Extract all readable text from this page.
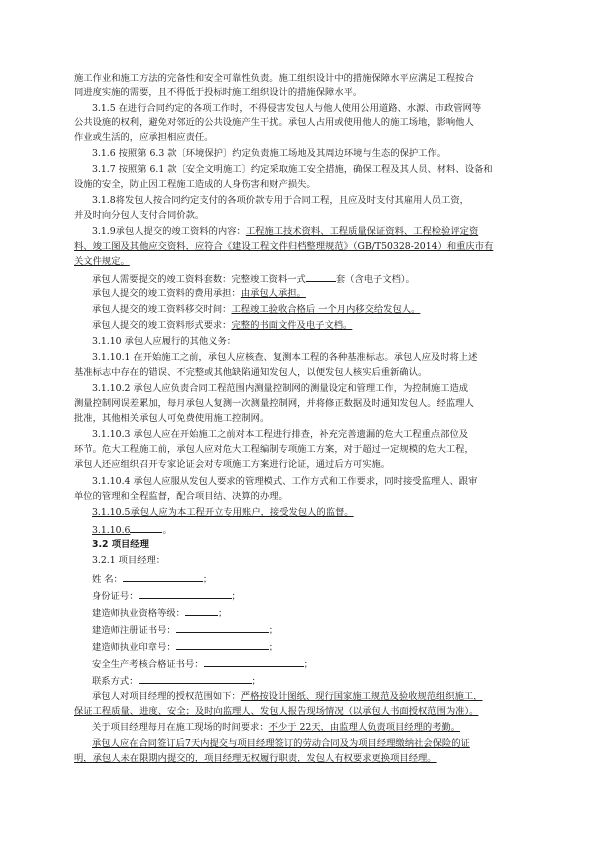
施工作业和施工方法的完备性和安全可靠性负责。施工组织设计中的措施保障水平应满足工程按合
同进度实施的需要，且不得低于投标时施工组织设计的措施保障水平。
3.1.5 在进行合同约定的各项工作时，不得侵害发包人与他人使用公用道路、水源、市政管网等
公共设施的权利，避免对邻近的公共设施产生干扰。承包人占用或使用他人的施工场地，影响他人
作业或生活的，应承担相应责任。
3.1.6 按照第 6.3 款〔环境保护〕约定负责施工场地及其周边环境与生态的保护工作。
3.1.7 按照第 6.1 款〔安全文明施工〕约定采取施工安全措施，确保工程及其人员、材料、设备和
设施的安全，防止因工程施工造成的人身伤害和财产损失。
3.1.8将发包人按合同约定支付的各项价款专用于合同工程，且应及时支付其雇用人员工资，
并及时向分包人支付合同价款。
3.1.9承包人提交的竣工资料的内容：工程施工技术资料、工程质量保证资料、工程检验评定资
料、竣工图及其他应交资料，应符合《建设工程文件归档整理规范》（GB/T50328-2014）和重庆市有
关文件规定。
承包人需要提交的竣工资料套数：完整竣工资料一式	套（含电子文档）。
承包人提交的竣工资料的费用承担：由承包人承担。
承包人提交的竣工资料移交时间：工程竣工验收合格后 一个月内移交给发包人。
承包人提交的竣工资料形式要求：完整的书面文件及电子文档。
3.1.10 承包人应履行的其他义务：
3.1.10.1 在开始施工之前，承包人应核查、复测本工程的各种基准标志。承包人应及时将上述
基准标志中存在的错误、不完整或其他缺陷通知发包人，以便发包人核实后重新确认。
3.1.10.2 承包人应负责合同工程范围内测量控制网的测量设定和管理工作，为控制施工造成
测量控制网误差累加，每月承包人复测一次测量控制网，并将修正数据及时通知发包人。经监理人
批准，其他相关承包人可免费使用施工控制网。
3.1.10.3 承包人应在开始施工之前对本工程进行排查，补充完善遗漏的危大工程重点部位及
环节。危大工程施工前，承包人应对危大工程编制专项施工方案，对于超过一定规模的危大工程，
承包人还应组织召开专家论证会对专项施工方案进行论证，通过后方可实施。
3.1.10.4 承包人应服从发包人要求的管理模式、工作方式和工作要求，同时接受监理人、跟审
单位的管理和全程监督，配合项目结、决算的办理。
3.1.10.5承包人应为本工程开立专用账户，接受发包人的监督。
3.1.10.6	。
3.2 项目经理
3.2.1 项目经理：
姓 名：	；
身份证号：	；
建造师执业资格等级：	；
建造师注册证书号：	；
建造师执业印章号：	；
安全生产考核合格证书号：	；
联系方式：	；
承包人对项目经理的授权范围如下：严格按设计图纸、现行国家施工规范及验收规范组织施工，
保证工程质量、进度、安全；及时向监理人、发包人报告现场情况（以承包人书面授权范围为准）。
关于项目经理每月在施工现场的时间要求：不少于 22天，由监理人负责项目经理的考勤。
承包人应在合同签订后7天内提交与项目经理签订的劳动合同及为项目经理缴纳社会保险的证
明，承包人未在限期内提交的，项目经理无权履行职责，发包人有权要求更换项目经理。
